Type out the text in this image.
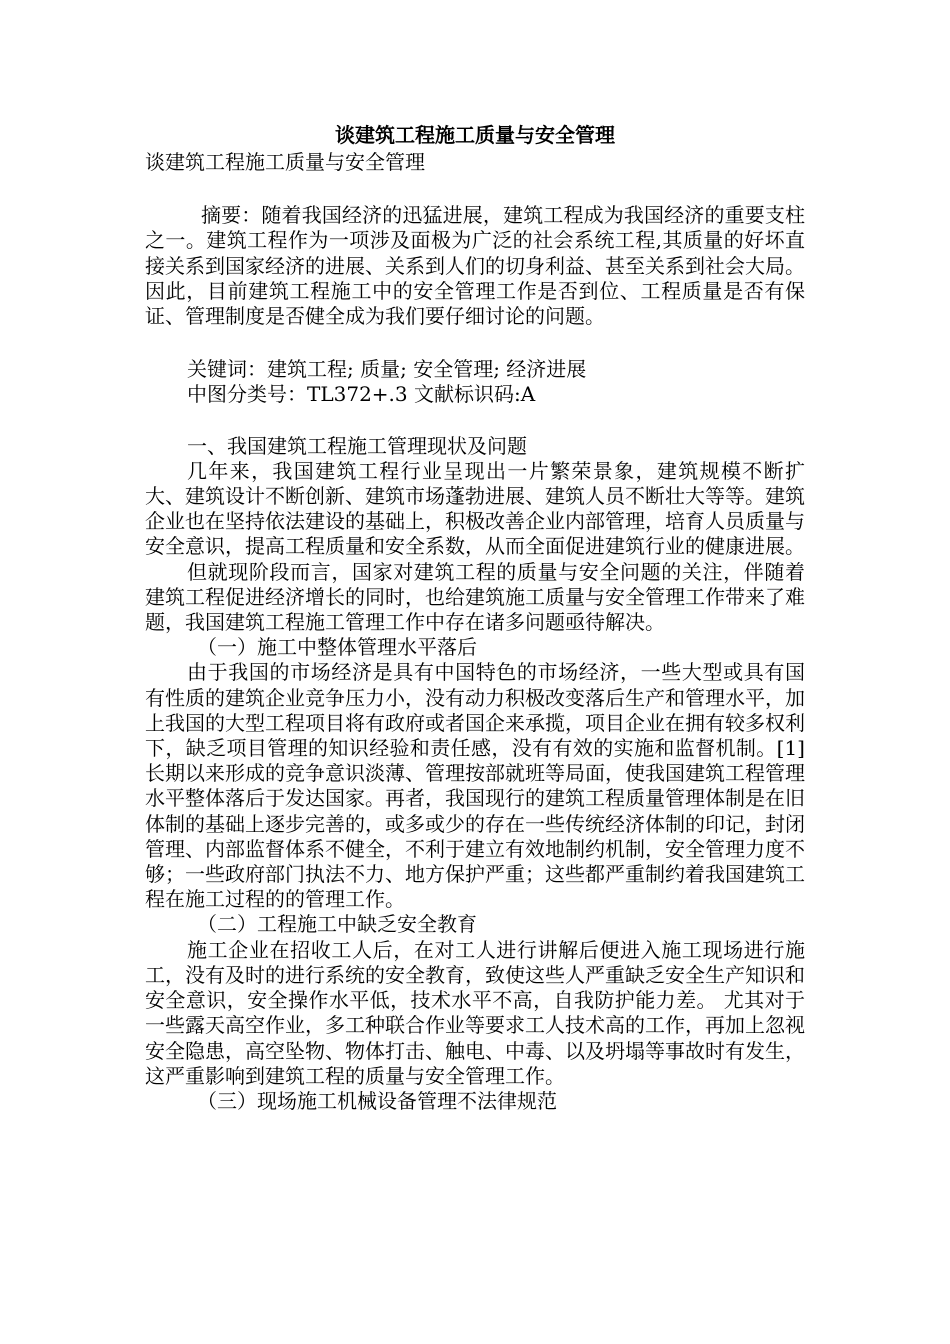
谈建筑工程施工质量与安全管理

谈建筑工程施工质量与安全管理

摘要：随着我国经济的迅猛进展，建筑工程成为我国经济的重要支柱之一。建筑工程作为一项涉及面极为广泛的社会系统工程,其质量的好坏直接关系到国家经济的进展、关系到人们的切身利益、甚至关系到社会大局。因此，目前建筑工程施工中的安全管理工作是否到位、工程质量是否有保证、管理制度是否健全成为我们要仔细讨论的问题。

关键词：建筑工程; 质量; 安全管理; 经济进展

中图分类号：TL372+.3 文献标识码:A

一、我国建筑工程施工管理现状及问题

几年来，我国建筑工程行业呈现出一片繁荣景象，建筑规模不断扩大、建筑设计不断创新、建筑市场蓬勃进展、建筑人员不断壮大等等。建筑企业也在坚持依法建设的基础上，积极改善企业内部管理，培育人员质量与安全意识，提高工程质量和安全系数，从而全面促进建筑行业的健康进展。

但就现阶段而言，国家对建筑工程的质量与安全问题的关注，伴随着建筑工程促进经济增长的同时，也给建筑施工质量与安全管理工作带来了难题，我国建筑工程施工管理工作中存在诸多问题亟待解决。

（一）施工中整体管理水平落后

由于我国的市场经济是具有中国特色的市场经济，一些大型或具有国有性质的建筑企业竞争压力小，没有动力积极改变落后生产和管理水平，加上我国的大型工程项目将有政府或者国企来承揽，项目企业在拥有较多权利下，缺乏项目管理的知识经验和责任感，没有有效的实施和监督机制。[1]长期以来形成的竞争意识淡薄、管理按部就班等局面，使我国建筑工程管理水平整体落后于发达国家。再者，我国现行的建筑工程质量管理体制是在旧体制的基础上逐步完善的，或多或少的存在一些传统经济体制的印记，封闭管理、内部监督体系不健全，不利于建立有效地制约机制，安全管理力度不够；一些政府部门执法不力、地方保护严重；这些都严重制约着我国建筑工程在施工过程的的管理工作。

（二）工程施工中缺乏安全教育

施工企业在招收工人后，在对工人进行讲解后便进入施工现场进行施工，没有及时的进行系统的安全教育，致使这些人严重缺乏安全生产知识和安全意识，安全操作水平低，技术水平不高，自我防护能力差。 尤其对于一些露天高空作业，多工种联合作业等要求工人技术高的工作，再加上忽视安全隐患，高空坠物、物体打击、触电、中毒、以及坍塌等事故时有发生，这严重影响到建筑工程的质量与安全管理工作。

（三）现场施工机械设备管理不法律规范
